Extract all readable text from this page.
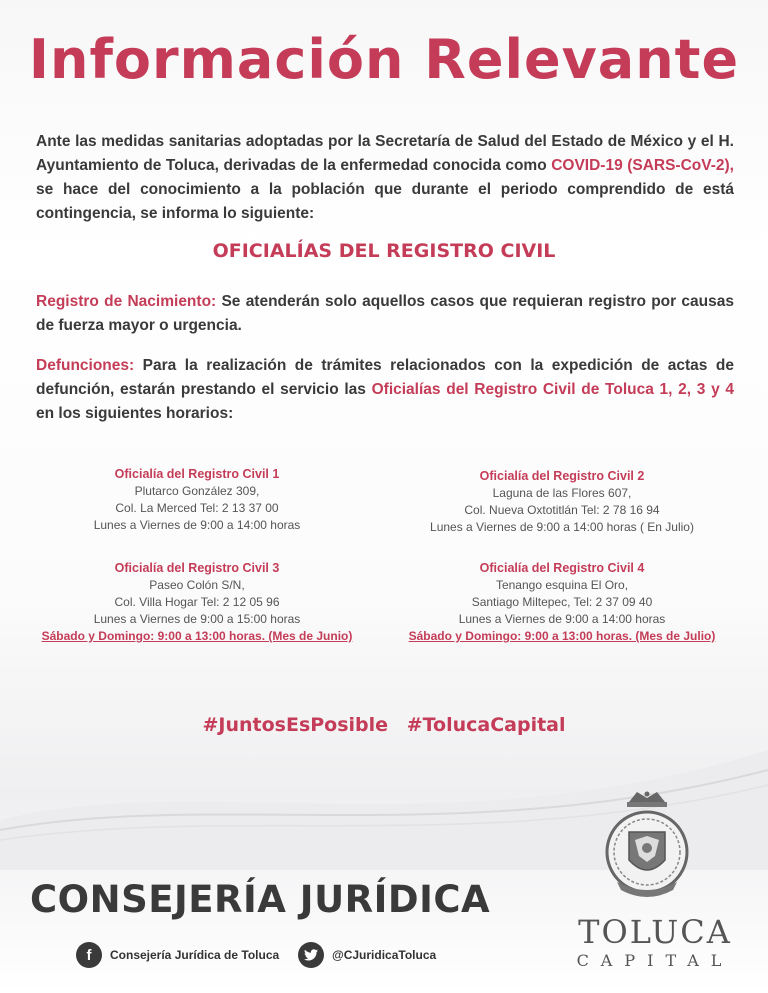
Información Relevante

Ante las medidas sanitarias adoptadas por la Secretaría de Salud del Estado de México y el H. Ayuntamiento de Toluca, derivadas de la enfermedad conocida como COVID-19 (SARS-CoV-2), se hace del conocimiento a la población que durante el periodo comprendido de está contingencia, se informa lo siguiente:

OFICIALÍAS DEL REGISTRO CIVIL

Registro de Nacimiento: Se atenderán solo aquellos casos que requieran registro por causas de fuerza mayor o urgencia.

Defunciones: Para la realización de trámites relacionados con la expedición de actas de defunción, estarán prestando el servicio las Oficialías del Registro Civil de Toluca 1, 2, 3 y 4 en los siguientes horarios:

Oficialía del Registro Civil 1
Plutarco González 309,
Col. La Merced Tel: 2 13 37 00
Lunes a Viernes de 9:00 a 14:00 horas
Oficialía del Registro Civil 2
Laguna de las Flores 607,
Col. Nueva Oxtotitlán Tel: 2 78 16 94
Lunes a Viernes de 9:00 a 14:00 horas ( En Julio)
Oficialía del Registro Civil 3
Paseo Colón S/N,
Col. Villa Hogar Tel: 2 12 05 96
Lunes a Viernes de 9:00 a 15:00 horas
Sábado y Domingo: 9:00 a 13:00 horas. (Mes de Junio)
Oficialía del Registro Civil 4
Tenango esquina El Oro,
Santiago Miltepec, Tel: 2 37 09 40
Lunes a Viernes de 9:00 a 14:00 horas
Sábado y Domingo: 9:00 a 13:00 horas. (Mes de Julio)
#JuntosEsPosible #TolucaCapital
CONSEJERÍA JURÍDICA
f	Consejería Jurídica de Toluca	@CJuridicaToluca
TOLUCA
CAPITAL
